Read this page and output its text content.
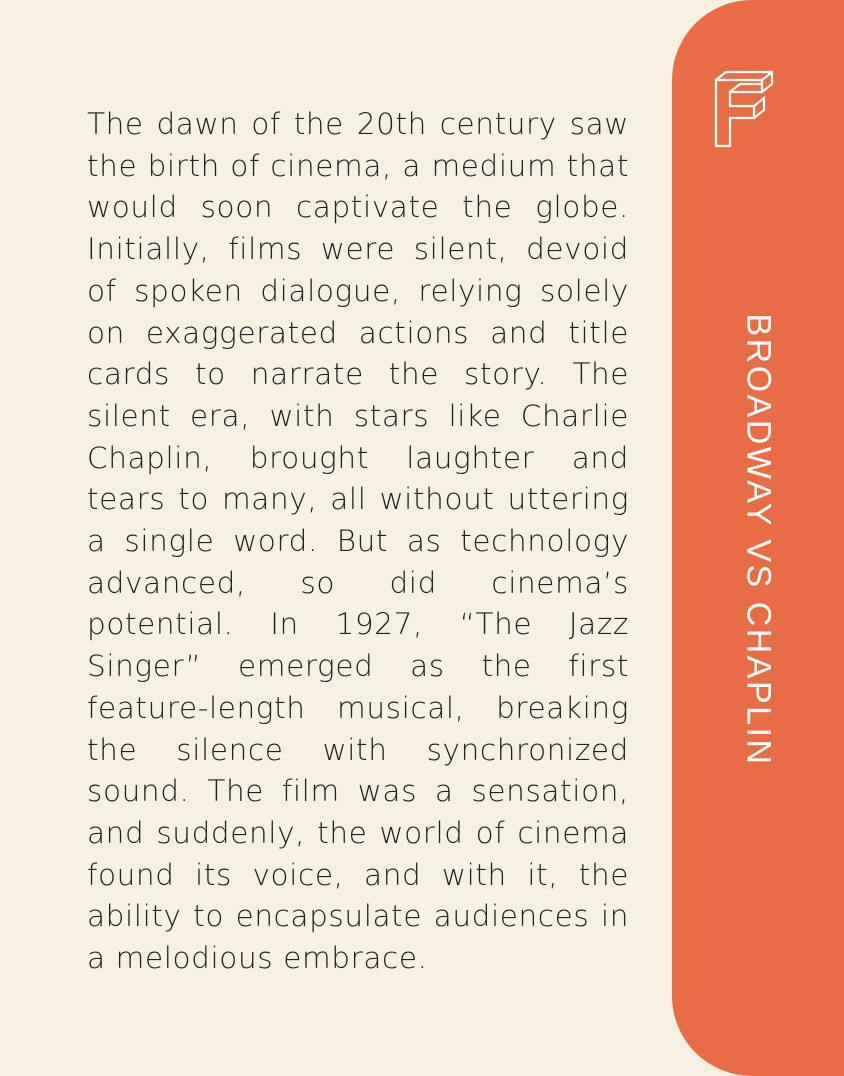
The dawn of the 20th century saw the birth of cinema, a medium that would soon captivate the globe. Initially, films were silent, devoid of spoken dialogue, relying solely on exaggerated actions and title cards to narrate the story. The silent era, with stars like Charlie Chaplin, brought laughter and tears to many, all without uttering a single word. But as technology advanced, so did cinema’s potential. In 1927, “The Jazz Singer” emerged as the first feature-length musical, breaking the silence with synchronized sound. The film was a sensation, and suddenly, the world of cinema found its voice, and with it, the ability to encapsulate audiences in a melodious embrace.

BROADWAY VS CHAPLIN
